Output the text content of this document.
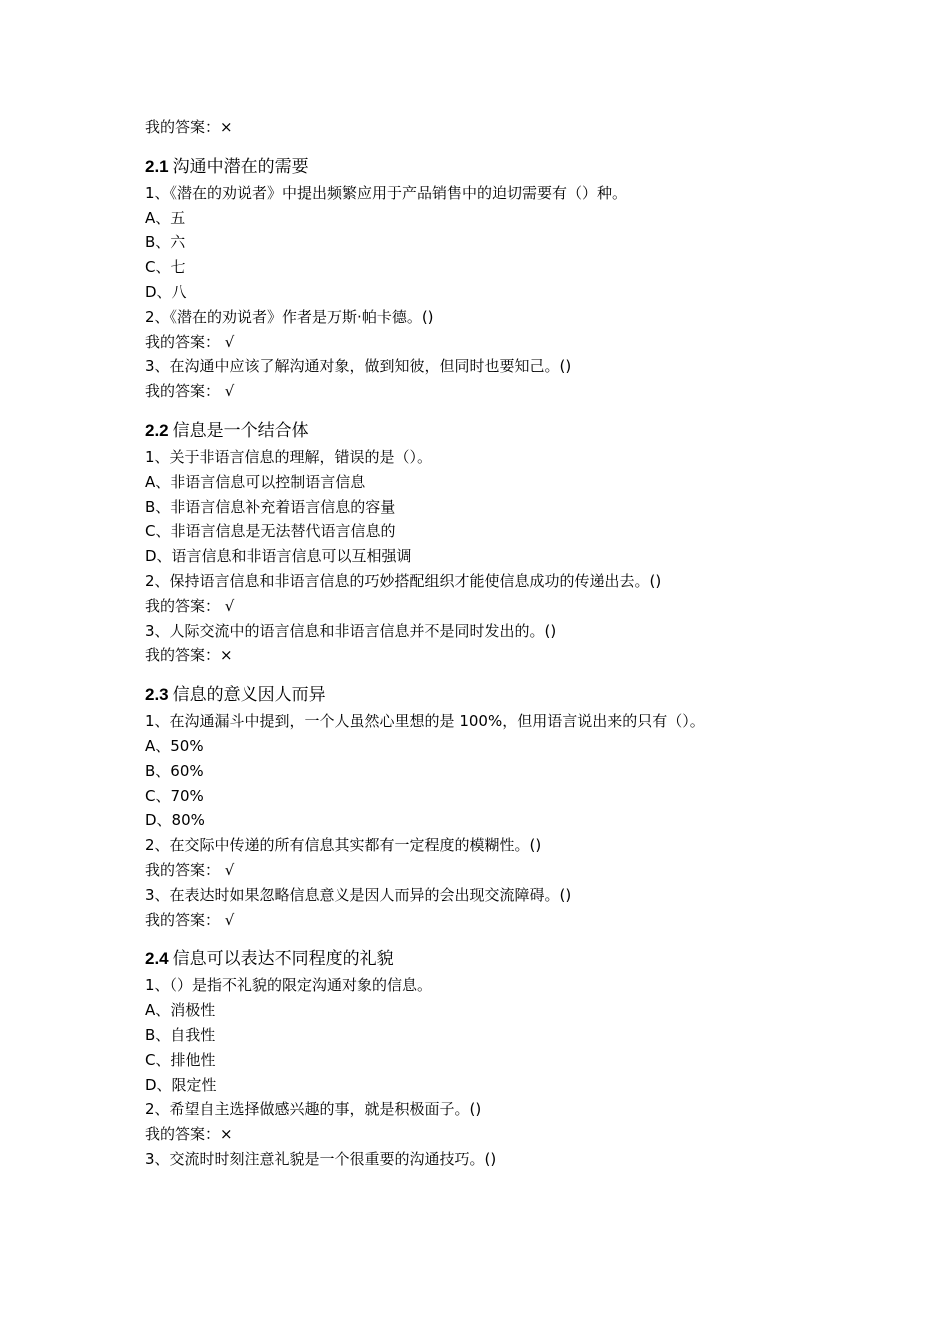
我的答案：×
2.1 沟通中潜在的需要
1、《潜在的劝说者》中提出频繁应用于产品销售中的迫切需要有（）种。
A、五
B、六
C、七
D、八
2、《潜在的劝说者》作者是万斯·帕卡德。()
我的答案： √
3、在沟通中应该了解沟通对象，做到知彼，但同时也要知己。()
我的答案： √
2.2 信息是一个结合体
1、关于非语言信息的理解，错误的是（）。
A、非语言信息可以控制语言信息
B、非语言信息补充着语言信息的容量
C、非语言信息是无法替代语言信息的
D、语言信息和非语言信息可以互相强调
2、保持语言信息和非语言信息的巧妙搭配组织才能使信息成功的传递出去。()
我的答案： √
3、人际交流中的语言信息和非语言信息并不是同时发出的。()
我的答案：×
2.3 信息的意义因人而异
1、在沟通漏斗中提到，一个人虽然心里想的是 100%，但用语言说出来的只有（）。
A、50%
B、60%
C、70%
D、80%
2、在交际中传递的所有信息其实都有一定程度的模糊性。()
我的答案： √
3、在表达时如果忽略信息意义是因人而异的会出现交流障碍。()
我的答案： √
2.4 信息可以表达不同程度的礼貌
1、（）是指不礼貌的限定沟通对象的信息。
A、消极性
B、自我性
C、排他性
D、限定性
2、希望自主选择做感兴趣的事，就是积极面子。()
我的答案：×
3、交流时时刻注意礼貌是一个很重要的沟通技巧。()
